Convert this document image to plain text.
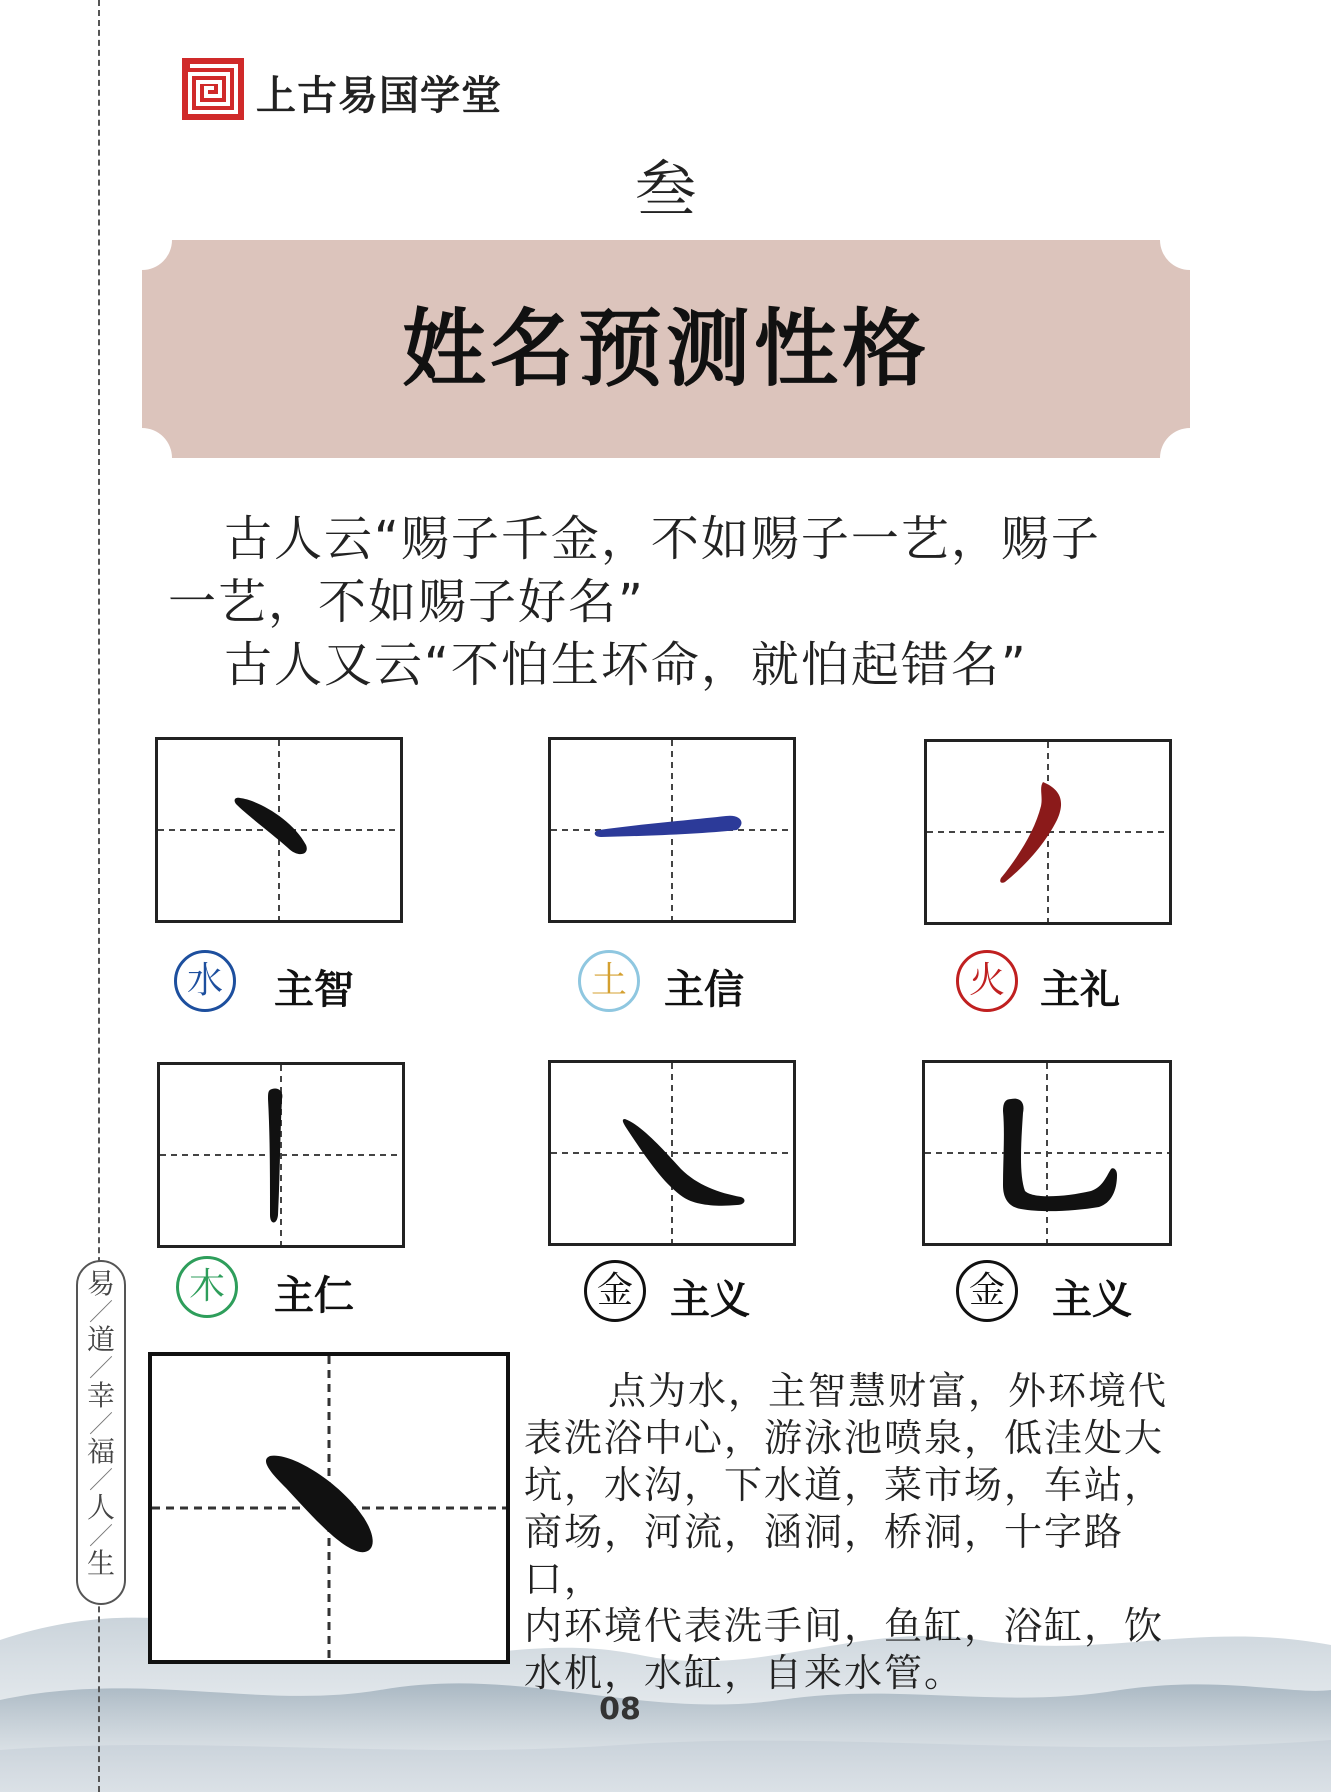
上古易国学堂
叁
姓名预测性格
古人云“赐子千金，不如赐子一艺，赐子
一艺，不如赐子好名”
古人又云“不怕生坏命，就怕起错名”
水	主智	土 主信	火 主礼
木	主仁	金 主义	金	主义
易
／
道
／
幸
／
福
／
人
／
生
点为水，主智慧财富，外环境代
表洗浴中心，游泳池喷泉，低洼处大
坑，水沟，下水道，菜市场，车站，
商场，河流，涵洞，桥洞，十字路口，
内环境代表洗手间，鱼缸，浴缸，饮
水机，水缸，自来水管。
08
